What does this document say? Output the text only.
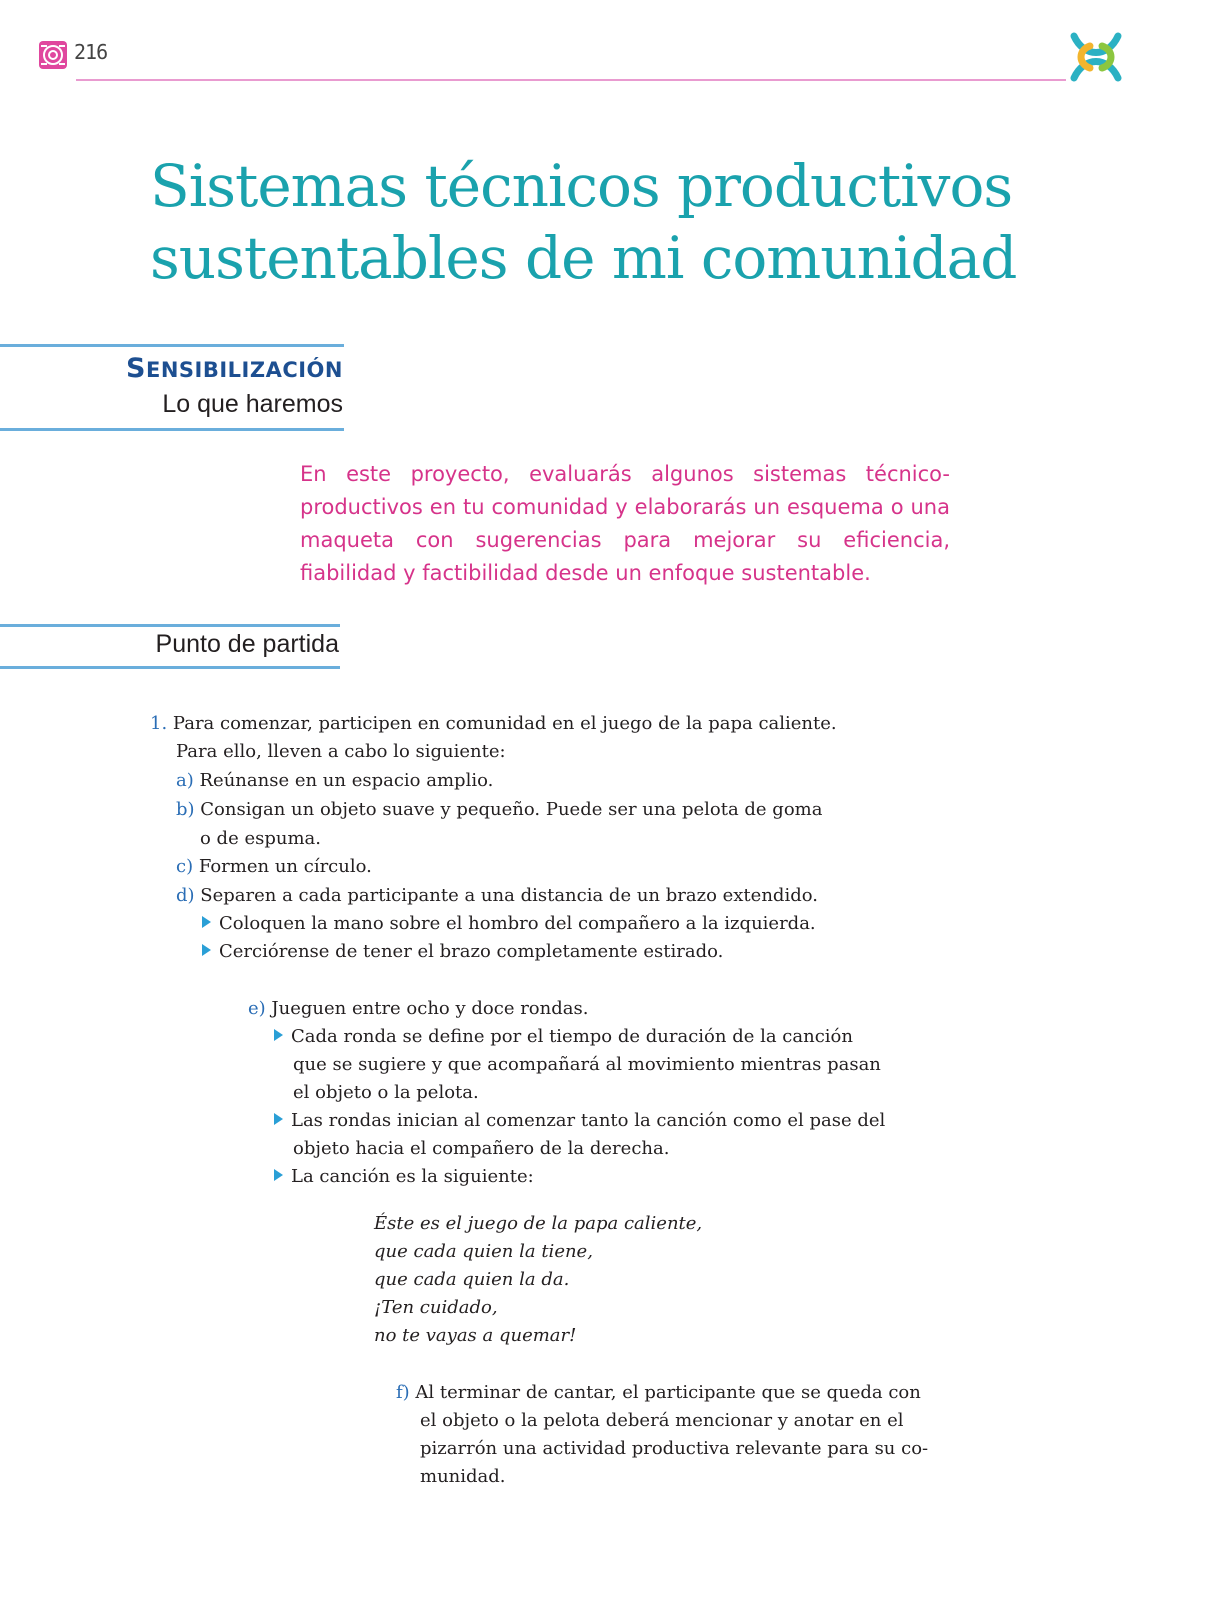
216
Sistemas técnicos productivos
sustentables de mi comunidad
SENSIBILIZACIÓN
Lo que haremos

En este proyecto, evaluarás algunos sistemas técnico-productivos en tu comunidad y elaborarás un esquema o una maqueta con sugerencias para mejorar su eficiencia, fiabilidad y factibilidad desde un enfoque sustentable.

Punto de partida
1. Para comenzar, participen en comunidad en el juego de la papa caliente.
Para ello, lleven a cabo lo siguiente:
a) Reúnanse en un espacio amplio.
b) Consigan un objeto suave y pequeño. Puede ser una pelota de goma
o de espuma.
c) Formen un círculo.
d) Separen a cada participante a una distancia de un brazo extendido.
Coloquen la mano sobre el hombro del compañero a la izquierda.
Cerciórense de tener el brazo completamente estirado.
e) Jueguen entre ocho y doce rondas.
Cada ronda se define por el tiempo de duración de la canción
que se sugiere y que acompañará al movimiento mientras pasan
el objeto o la pelota.
Las rondas inician al comenzar tanto la canción como el pase del
objeto hacia el compañero de la derecha.
La canción es la siguiente:
Éste es el juego de la papa caliente,
que cada quien la tiene,
que cada quien la da.
¡Ten cuidado,
no te vayas a quemar!
f) Al terminar de cantar, el participante que se queda con
el objeto o la pelota deberá mencionar y anotar en el
pizarrón una actividad productiva relevante para su co-
munidad.
